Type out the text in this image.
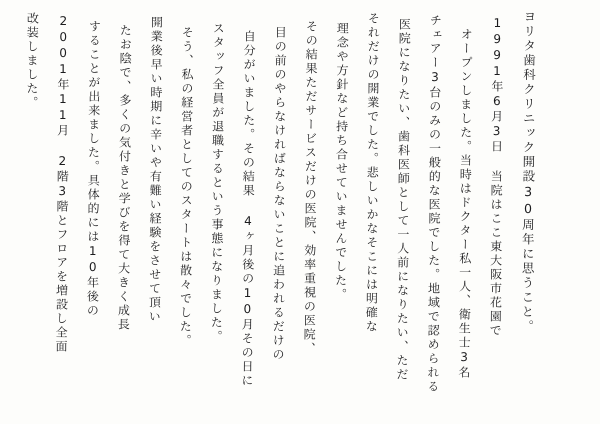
ヨリタ歯科クリニック開設30周年に思うこと。
1991年6月3日 当院はここ東大阪市花園で
オープンしました。当時はドクター私一人、衛生士3名
チェアー3台のみの一般的な医院でした。地域で認められる
医院になりたい、歯科医師として一人前になりたい、ただ
それだけの開業でした。悲しいかなそこには明確な
理念や方針など持ち合せていませんでした。
その結果ただサービスだけの医院、効率重視の医院、
目の前のやらなければならないことに追われるだけの
自分がいました。その結果 4ヶ月後の10月その日に
スタッフ全員が退職するという事態になりました。
そう、私の経営者としてのスタートは散々でした。
開業後早い時期に辛いや有難い経験をさせて頂い
たお陰で、多くの気付きと学びを得て大きく成長
することが出来ました。具体的には10年後の
2001年11月 2階3階とフロアを増設し全面
改装しました。
